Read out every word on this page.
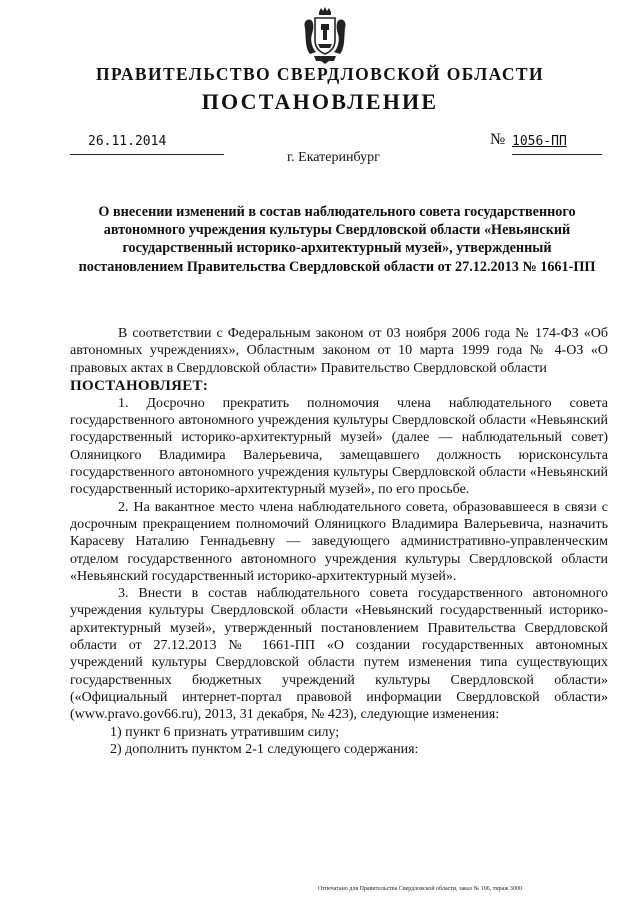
ПРАВИТЕЛЬСТВО СВЕРДЛОВСКОЙ ОБЛАСТИ
ПОСТАНОВЛЕНИЕ
26.11.2014	№ 1056-ПП
г. Екатеринбург
О внесении изменений в состав наблюдательного совета государственного автономного учреждения культуры Свердловской области «Невьянский государственный историко-архитектурный музей», утвержденный постановлением Правительства Свердловской области от 27.12.2013 № 1661-ПП

В соответствии с Федеральным законом от 03 ноября 2006 года № 174-ФЗ «Об автономных учреждениях», Областным законом от 10 марта 1999 года № 4-ОЗ «О правовых актах в Свердловской области» Правительство Свердловской области

ПОСТАНОВЛЯЕТ:

1. Досрочно прекратить полномочия члена наблюдательного совета государственного автономного учреждения культуры Свердловской области «Невьянский государственный историко-архитектурный музей» (далее — наблюдательный совет) Оляницкого Владимира Валерьевича, замещавшего должность юрисконсульта государственного автономного учреждения культуры Свердловской области «Невьянский государственный историко-архитектурный музей», по его просьбе.

2. На вакантное место члена наблюдательного совета, образовавшееся в связи с досрочным прекращением полномочий Оляницкого Владимира Валерьевича, назначить Карасеву Наталию Геннадьевну — заведующего административно-управленческим отделом государственного автономного учреждения культуры Свердловской области «Невьянский государственный историко-архитектурный музей».

3. Внести в состав наблюдательного совета государственного автономного учреждения культуры Свердловской области «Невьянский государственный историко-архитектурный музей», утвержденный постановлением Правительства Свердловской области от 27.12.2013 № 1661-ПП «О создании государственных автономных учреждений культуры Свердловской области путем изменения типа существующих государственных бюджетных учреждений культуры Свердловской области» («Официальный интернет-портал правовой информации Свердловской области» (www.pravo.gov66.ru), 2013, 31 декабря, № 423), следующие изменения:

1) пункт 6 признать утратившим силу;

2) дополнить пунктом 2-1 следующего содержания:

Отпечатано для Правительства Свердловской области, заказ № 106, тираж 3000
